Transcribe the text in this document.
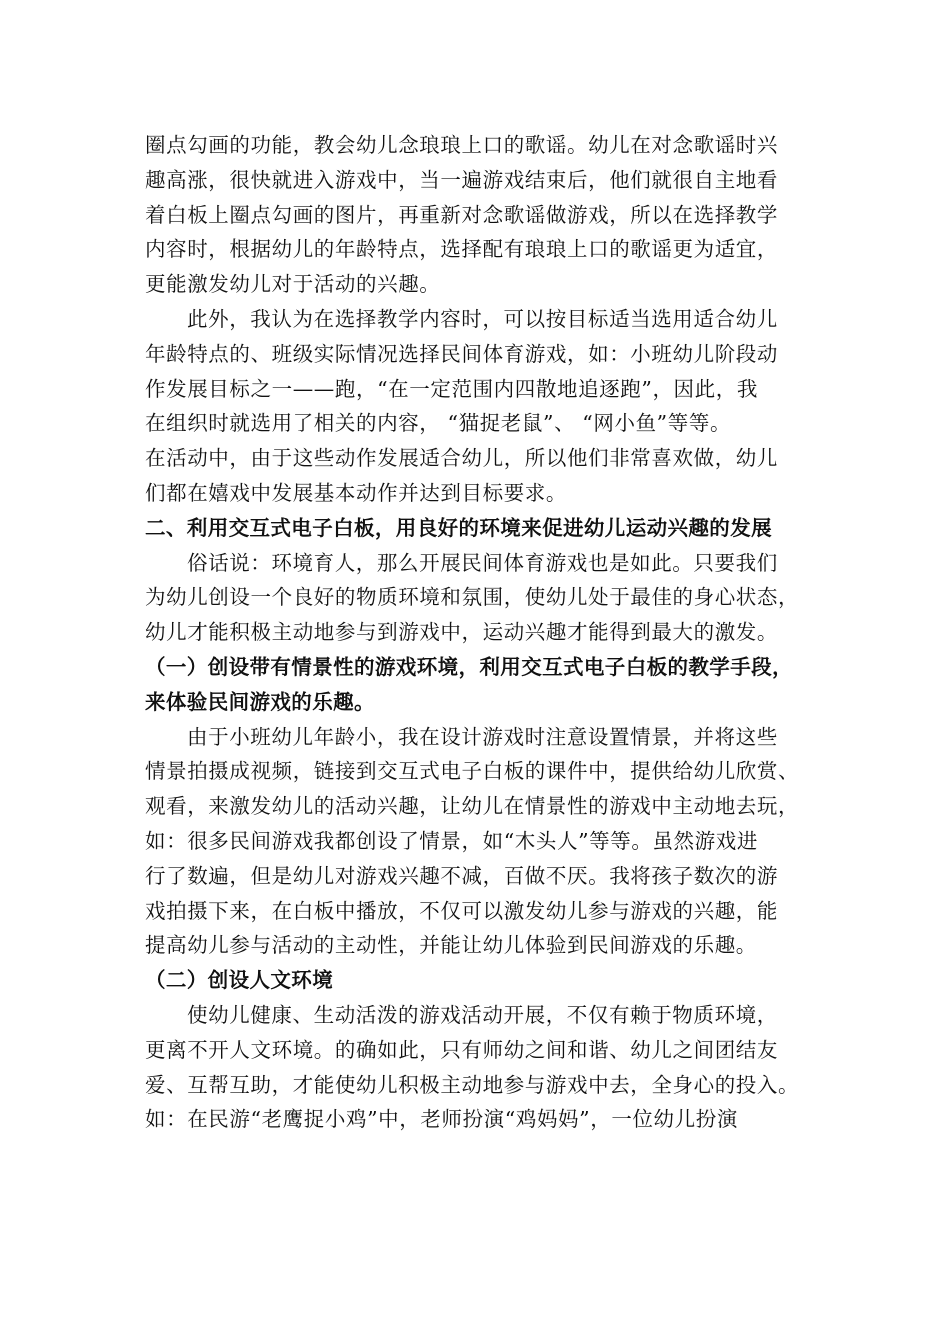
圈点勾画的功能，教会幼儿念琅琅上口的歌谣。幼儿在对念歌谣时兴

趣高涨，很快就进入游戏中，当一遍游戏结束后，他们就很自主地看

着白板上圈点勾画的图片，再重新对念歌谣做游戏，所以在选择教学

内容时，根据幼儿的年龄特点，选择配有琅琅上口的歌谣更为适宜，

更能激发幼儿对于活动的兴趣。

此外，我认为在选择教学内容时，可以按目标适当选用适合幼儿

年龄特点的、班级实际情况选择民间体育游戏，如：小班幼儿阶段动

作发展目标之一——跑，“在一定范围内四散地追逐跑”，因此，我

在组织时就选用了相关的内容， “猫捉老鼠”、 “网小鱼”等等。

在活动中，由于这些动作发展适合幼儿，所以他们非常喜欢做，幼儿

们都在嬉戏中发展基本动作并达到目标要求。

二、利用交互式电子白板，用良好的环境来促进幼儿运动兴趣的发展

俗话说：环境育人，那么开展民间体育游戏也是如此。只要我们

为幼儿创设一个良好的物质环境和氛围，使幼儿处于最佳的身心状态，

幼儿才能积极主动地参与到游戏中，运动兴趣才能得到最大的激发。

（一）创设带有情景性的游戏环境，利用交互式电子白板的教学手段，

来体验民间游戏的乐趣。

由于小班幼儿年龄小，我在设计游戏时注意设置情景，并将这些

情景拍摄成视频，链接到交互式电子白板的课件中，提供给幼儿欣赏、

观看，来激发幼儿的活动兴趣，让幼儿在情景性的游戏中主动地去玩，

如：很多民间游戏我都创设了情景，如“木头人”等等。虽然游戏进

行了数遍，但是幼儿对游戏兴趣不减，百做不厌。我将孩子数次的游

戏拍摄下来，在白板中播放，不仅可以激发幼儿参与游戏的兴趣，能

提高幼儿参与活动的主动性，并能让幼儿体验到民间游戏的乐趣。

（二）创设人文环境

使幼儿健康、生动活泼的游戏活动开展，不仅有赖于物质环境，

更离不开人文环境。的确如此，只有师幼之间和谐、幼儿之间团结友

爱、互帮互助，才能使幼儿积极主动地参与游戏中去，全身心的投入。

如：在民游“老鹰捉小鸡”中，老师扮演“鸡妈妈”，一位幼儿扮演
